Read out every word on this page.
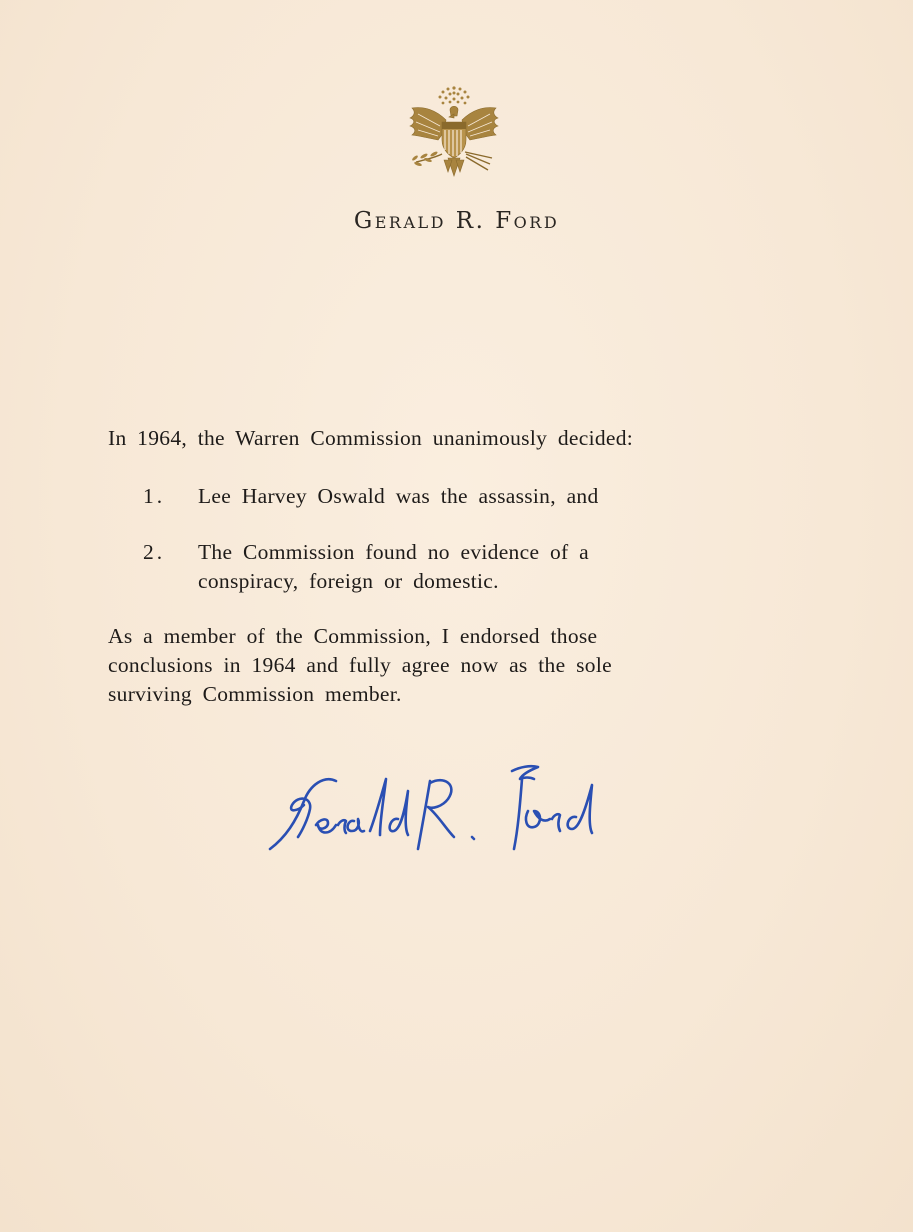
Gerald R. Ford
In 1964, the Warren Commission unanimously decided:
1. Lee Harvey Oswald was the assassin, and
2. The Commission found no evidence of a
conspiracy, foreign or domestic.
As a member of the Commission, I endorsed those
conclusions in 1964 and fully agree now as the sole
surviving Commission member.
